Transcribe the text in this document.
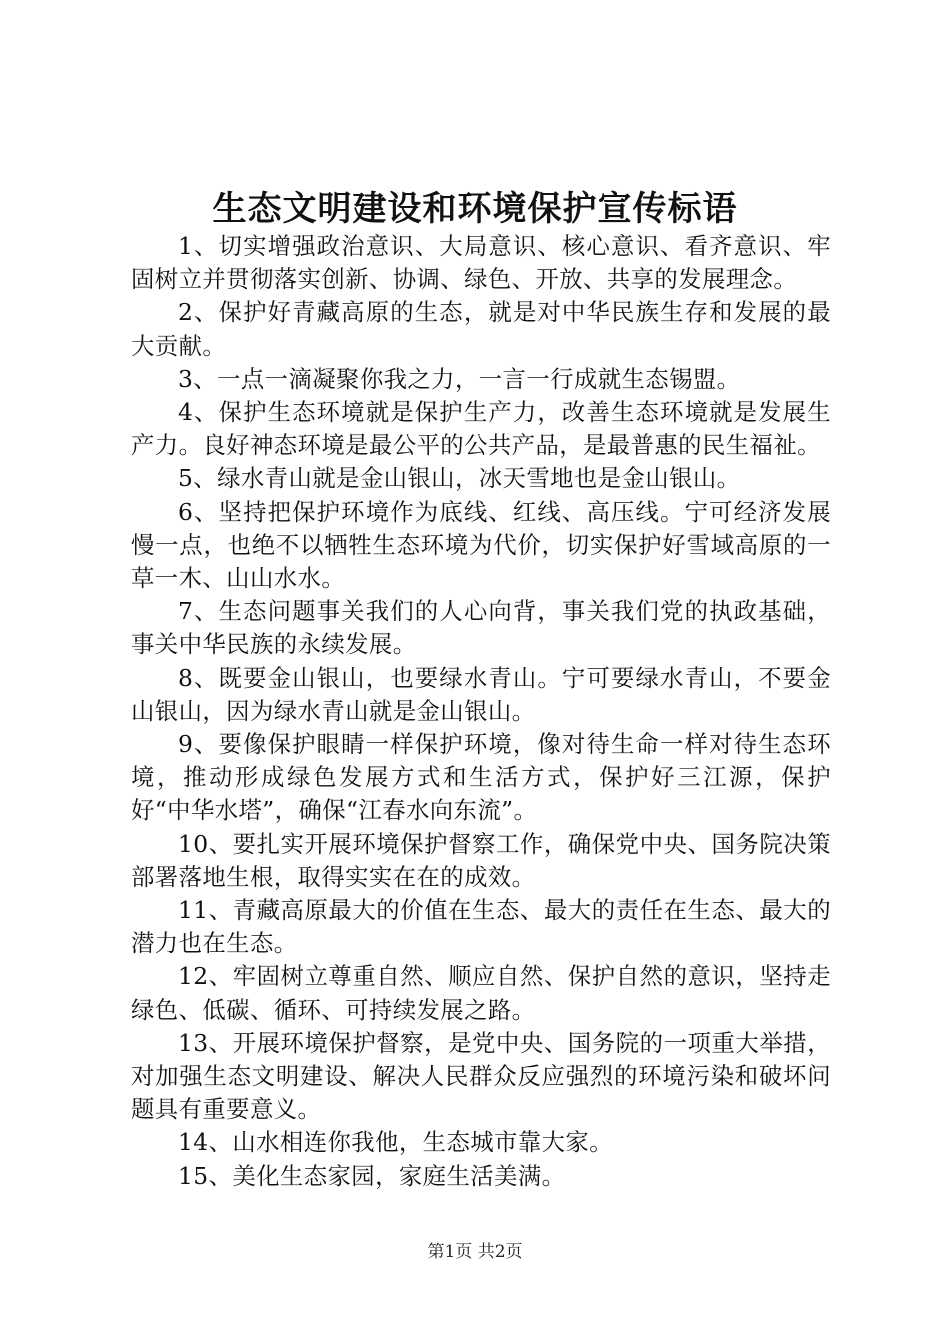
生态文明建设和环境保护宣传标语
1、切实增强政治意识、大局意识、核心意识、看齐意识、牢固树立并贯彻落实创新、协调、绿色、开放、共享的发展理念。
2、保护好青藏高原的生态，就是对中华民族生存和发展的最大贡献。
3、一点一滴凝聚你我之力，一言一行成就生态锡盟。
4、保护生态环境就是保护生产力，改善生态环境就是发展生产力。良好神态环境是最公平的公共产品，是最普惠的民生福祉。
5、绿水青山就是金山银山，冰天雪地也是金山银山。
6、坚持把保护环境作为底线、红线、高压线。宁可经济发展慢一点，也绝不以牺牲生态环境为代价，切实保护好雪域高原的一草一木、山山水水。
7、生态问题事关我们的人心向背，事关我们党的执政基础，事关中华民族的永续发展。
8、既要金山银山，也要绿水青山。宁可要绿水青山，不要金山银山，因为绿水青山就是金山银山。
9、要像保护眼睛一样保护环境，像对待生命一样对待生态环境，推动形成绿色发展方式和生活方式，保护好三江源，保护好“中华水塔”，确保“江春水向东流”。
10、要扎实开展环境保护督察工作，确保党中央、国务院决策部署落地生根，取得实实在在的成效。
11、青藏高原最大的价值在生态、最大的责任在生态、最大的潜力也在生态。
12、牢固树立尊重自然、顺应自然、保护自然的意识，坚持走绿色、低碳、循环、可持续发展之路。
13、开展环境保护督察，是党中央、国务院的一项重大举措，对加强生态文明建设、解决人民群众反应强烈的环境污染和破坏问题具有重要意义。
14、山水相连你我他，生态城市靠大家。
15、美化生态家园，家庭生活美满。
第1页 共2页
